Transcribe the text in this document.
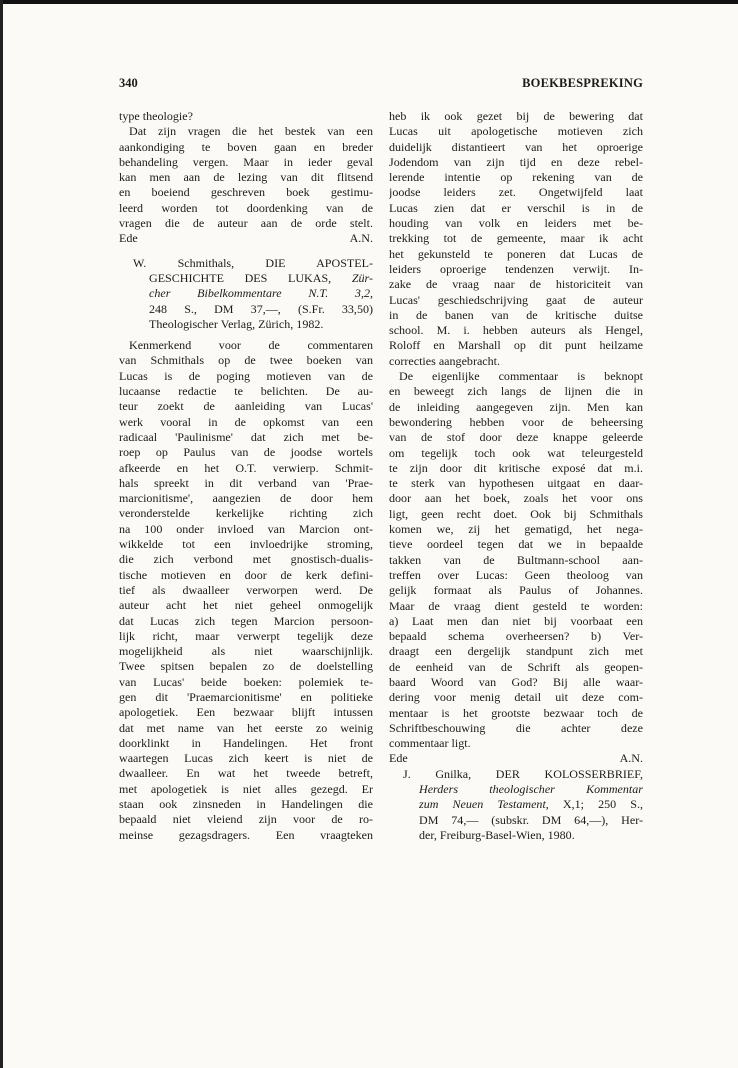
340	BOEKBESPREKING
type theologie?
Dat zijn vragen die het bestek van een
aankondiging te boven gaan en breder
behandeling vergen. Maar in ieder geval
kan men aan de lezing van dit flitsend
en boeiend geschreven boek gestimu-
leerd worden tot doordenking van de
vragen die de auteur aan de orde stelt.
Ede	A.N.
W. Schmithals, DIE APOSTEL-
GESCHICHTE DES LUKAS, Zür-
cher Bibelkommentare N.T. 3,2,
248 S., DM 37,—, (S.Fr. 33,50)
Theologischer Verlag, Zürich, 1982.
Kenmerkend voor de commentaren
van Schmithals op de twee boeken van
Lucas is de poging motieven van de
lucaanse redactie te belichten. De au-
teur zoekt de aanleiding van Lucas'
werk vooral in de opkomst van een
radicaal 'Paulinisme' dat zich met be-
roep op Paulus van de joodse wortels
afkeerde en het O.T. verwierp. Schmit-
hals spreekt in dit verband van 'Prae-
marcionitisme', aangezien de door hem
veronderstelde kerkelijke richting zich
na 100 onder invloed van Marcion ont-
wikkelde tot een invloedrijke stroming,
die zich verbond met gnostisch-dualis-
tische motieven en door de kerk defini-
tief als dwaalleer verworpen werd. De
auteur acht het niet geheel onmogelijk
dat Lucas zich tegen Marcion persoon-
lijk richt, maar verwerpt tegelijk deze
mogelijkheid als niet waarschijnlijk.
Twee spitsen bepalen zo de doelstelling
van Lucas' beide boeken: polemiek te-
gen dit 'Praemarcionitisme' en politieke
apologetiek. Een bezwaar blijft intussen
dat met name van het eerste zo weinig
doorklinkt in Handelingen. Het front
waartegen Lucas zich keert is niet de
dwaalleer. En wat het tweede betreft,
met apologetiek is niet alles gezegd. Er
staan ook zinsneden in Handelingen die
bepaald niet vleiend zijn voor de ro-
meinse gezagsdragers. Een vraagteken
heb ik ook gezet bij de bewering dat
Lucas uit apologetische motieven zich
duidelijk distantieert van het oproerige
Jodendom van zijn tijd en deze rebel-
lerende intentie op rekening van de
joodse leiders zet. Ongetwijfeld laat
Lucas zien dat er verschil is in de
houding van volk en leiders met be-
trekking tot de gemeente, maar ik acht
het gekunsteld te poneren dat Lucas de
leiders oproerige tendenzen verwijt. In-
zake de vraag naar de historiciteit van
Lucas' geschiedschrijving gaat de auteur
in de banen van de kritische duitse
school. M. i. hebben auteurs als Hengel,
Roloff en Marshall op dit punt heilzame
correcties aangebracht.
De eigenlijke commentaar is beknopt
en beweegt zich langs de lijnen die in
de inleiding aangegeven zijn. Men kan
bewondering hebben voor de beheersing
van de stof door deze knappe geleerde
om tegelijk toch ook wat teleurgesteld
te zijn door dit kritische exposé dat m.i.
te sterk van hypothesen uitgaat en daar-
door aan het boek, zoals het voor ons
ligt, geen recht doet. Ook bij Schmithals
komen we, zij het gematigd, het nega-
tieve oordeel tegen dat we in bepaalde
takken van de Bultmann-school aan-
treffen over Lucas: Geen theoloog van
gelijk formaat als Paulus of Johannes.
Maar de vraag dient gesteld te worden:
a) Laat men dan niet bij voorbaat een
bepaald schema overheersen? b) Ver-
draagt een dergelijk standpunt zich met
de eenheid van de Schrift als geopen-
baard Woord van God? Bij alle waar-
dering voor menig detail uit deze com-
mentaar is het grootste bezwaar toch de
Schriftbeschouwing die achter deze
commentaar ligt.
Ede	A.N.
J. Gnilka, DER KOLOSSERBRIEF,
Herders theologischer Kommentar
zum Neuen Testament, X,1; 250 S.,
DM 74,— (subskr. DM 64,—), Her-
der, Freiburg-Basel-Wien, 1980.
